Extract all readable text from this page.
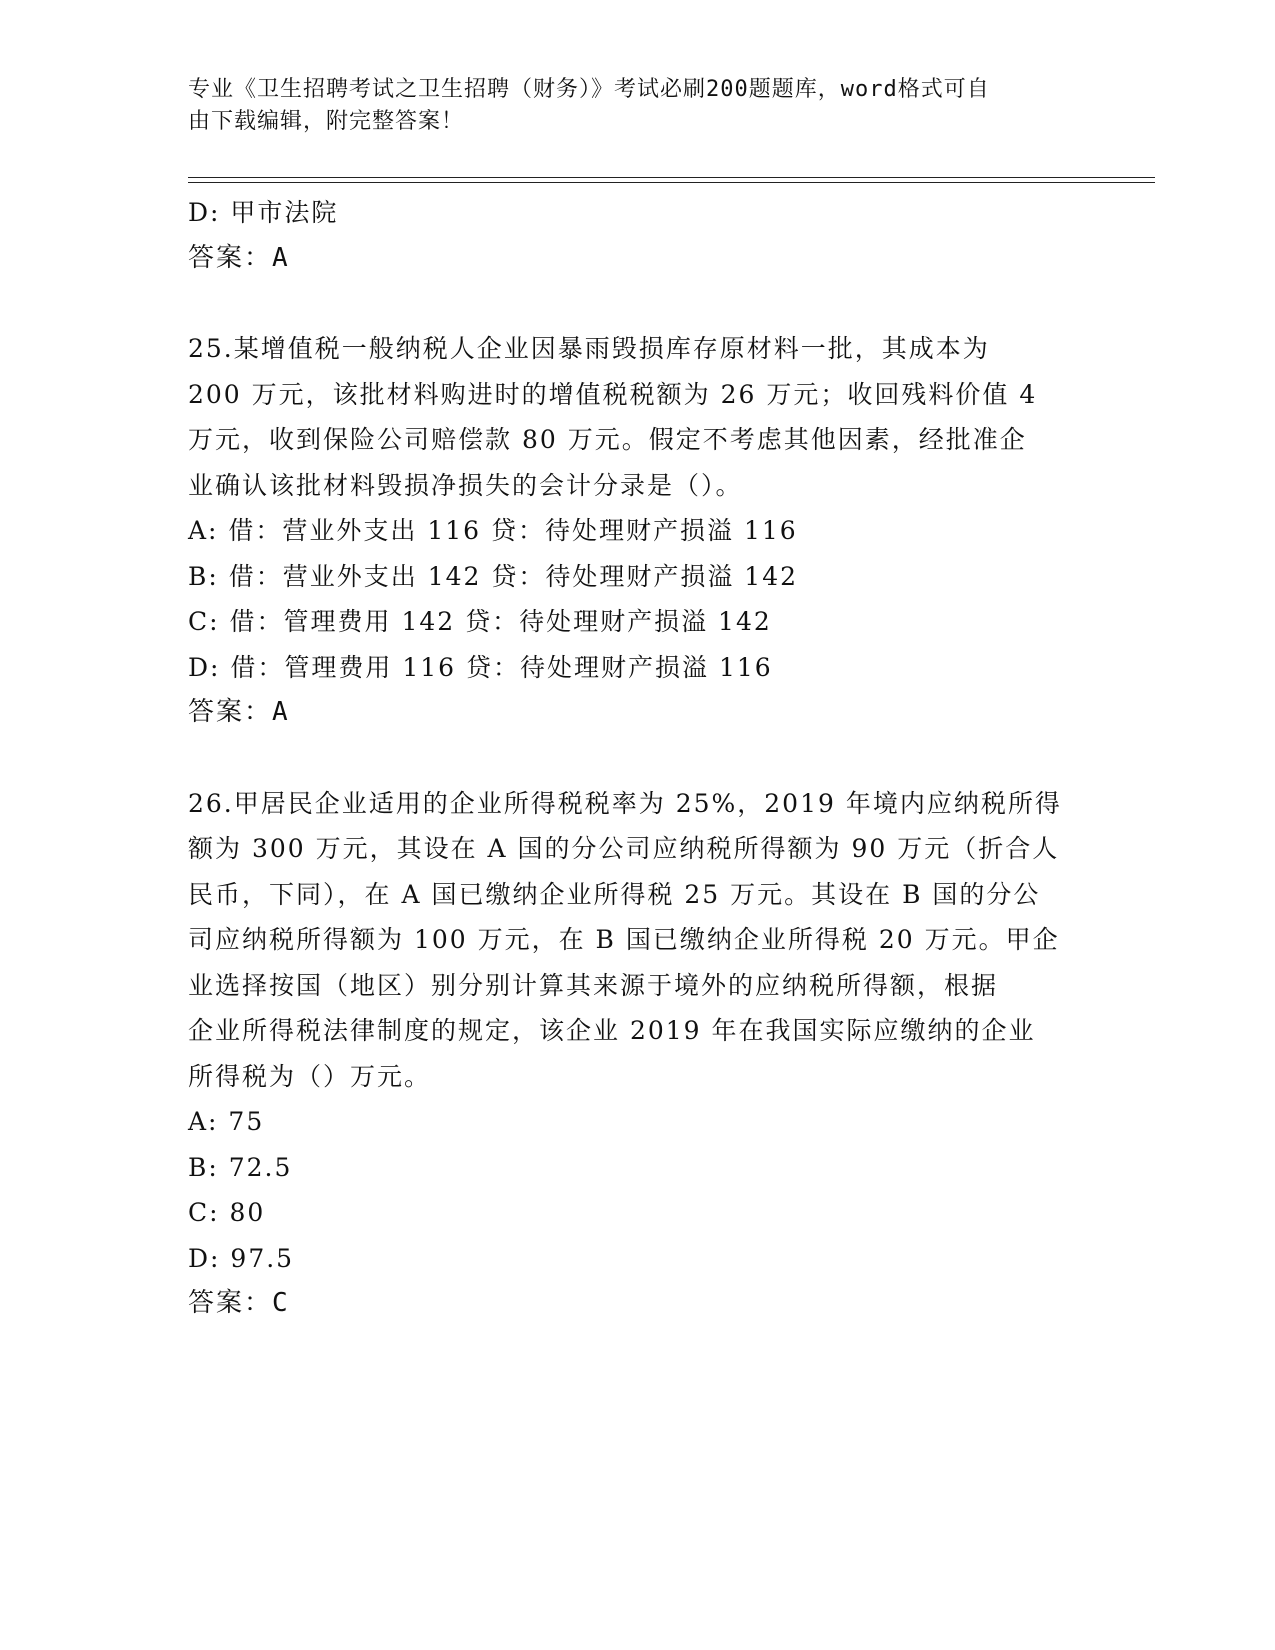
专业《卫生招聘考试之卫生招聘（财务）》考试必刷200题题库，word格式可自
由下载编辑，附完整答案！

D: 甲市法院

答案：A

25.某增值税一般纳税人企业因暴雨毁损库存原材料一批，其成本为

200 万元，该批材料购进时的增值税税额为 26 万元；收回残料价值 4

万元，收到保险公司赔偿款 80 万元。假定不考虑其他因素，经批准企

业确认该批材料毁损净损失的会计分录是（）。

A: 借：营业外支出 116 贷：待处理财产损溢 116

B: 借：营业外支出 142 贷：待处理财产损溢 142

C: 借：管理费用 142 贷：待处理财产损溢 142

D: 借：管理费用 116 贷：待处理财产损溢 116

答案：A

26.甲居民企业适用的企业所得税税率为 25%，2019 年境内应纳税所得

额为 300 万元，其设在 A 国的分公司应纳税所得额为 90 万元（折合人

民币，下同），在 A 国已缴纳企业所得税 25 万元。其设在 B 国的分公

司应纳税所得额为 100 万元，在 B 国已缴纳企业所得税 20 万元。甲企

业选择按国（地区）别分别计算其来源于境外的应纳税所得额，根据

企业所得税法律制度的规定，该企业 2019 年在我国实际应缴纳的企业

所得税为（）万元。

A: 75

B: 72.5

C: 80

D: 97.5

答案：C
